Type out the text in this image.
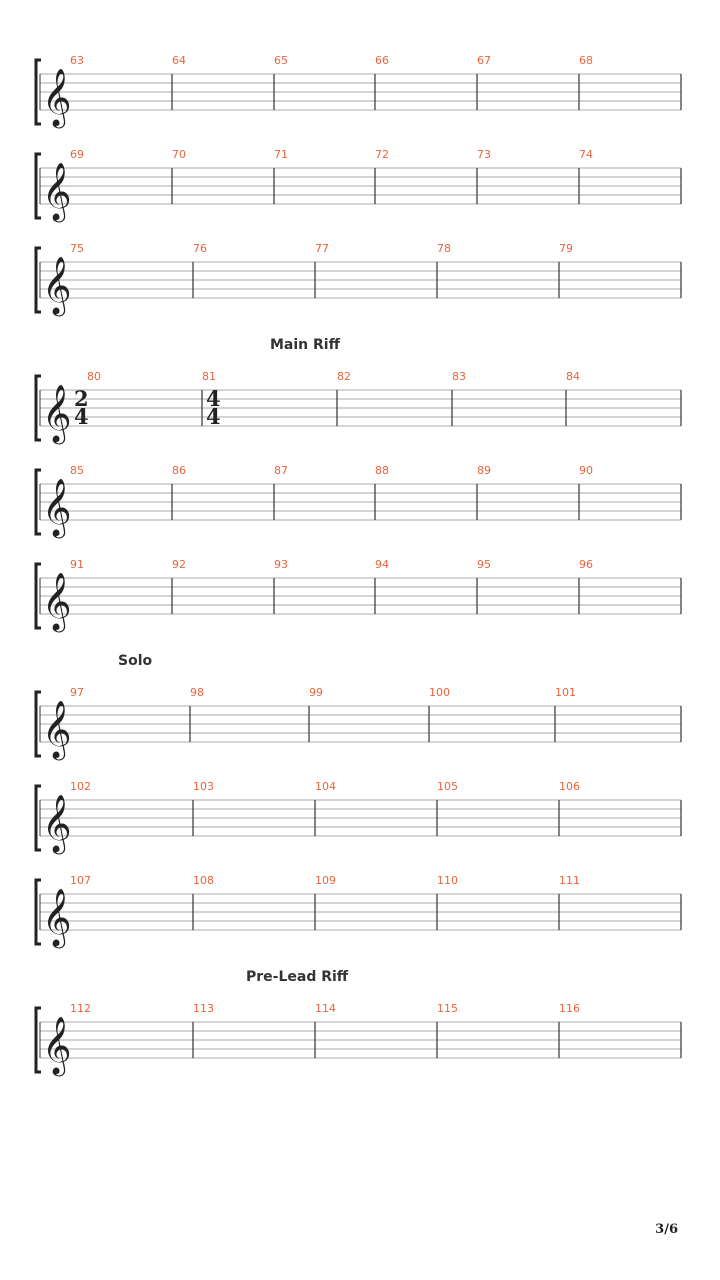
𝄞
63	64	65	66	67	68
𝄞
69	70	71	72	73	74
𝄞
75	76	77	78	79
𝄞 2
4
4
4
80	81	82	83	84
𝄞
85	86	87	88	89	90
𝄞
91	92	93	94	95	96
𝄞
97	98	99	100	101
𝄞
102	103	104	105	106
𝄞
107	108	109	110	111
𝄞
112	113	114	115	116
Main Riff
Solo
Pre-Lead Riff
3/6
